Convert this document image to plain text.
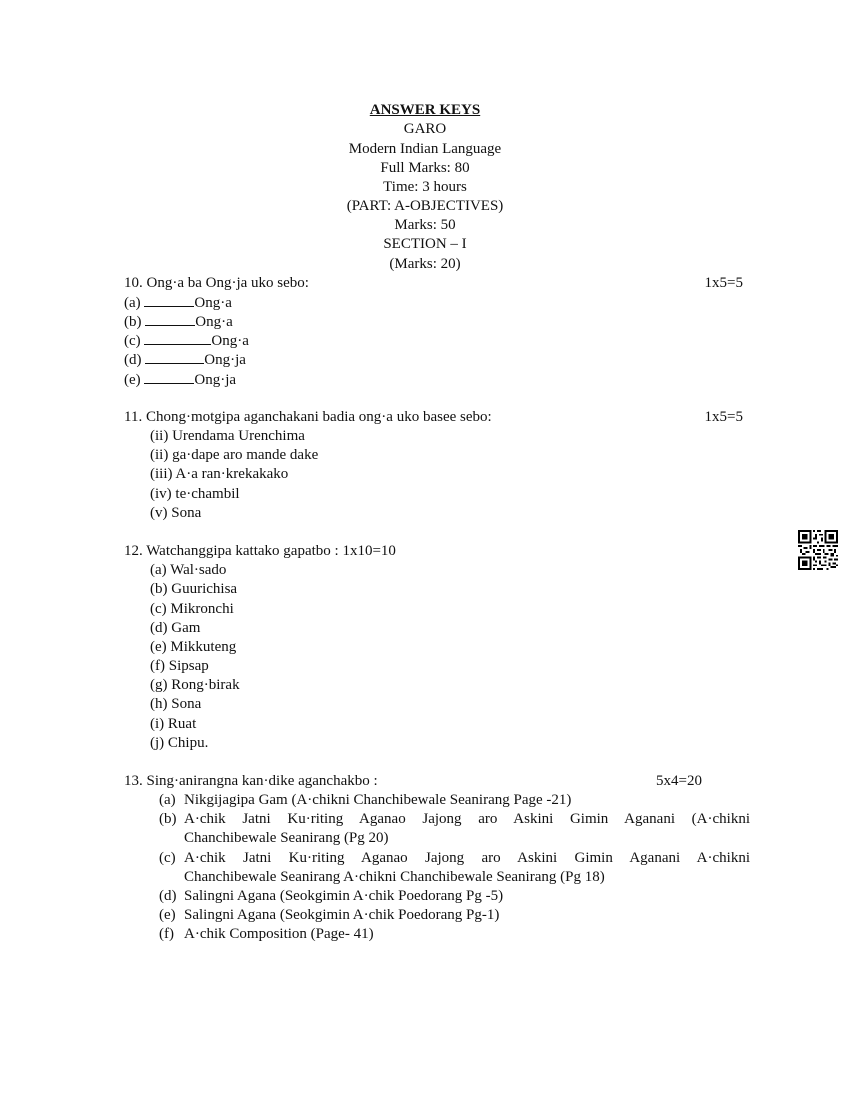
ANSWER KEYS
GARO
Modern Indian Language
Full Marks: 80
Time: 3 hours
(PART: A-OBJECTIVES)
Marks: 50
SECTION – I
(Marks: 20)
10. Ong·a ba Ong·ja uko sebo:	1x5=5
(a)	Ong·a
(b)	Ong·a
(c)	Ong·a
(d)	Ong·ja
(e)	Ong·ja
11. Chong·motgipa aganchakani badia ong·a uko basee sebo:	1x5=5
(ii) Urendama Urenchima
(ii) ga·dape aro mande dake
(iii) A·a ran·krekakako
(iv) te·chambil
(v) Sona
12. Watchanggipa kattako gapatbo : 1x10=10
(a) Wal·sado
(b) Guurichisa
(c) Mikronchi
(d) Gam
(e) Mikkuteng
(f) Sipsap
(g) Rong·birak
(h) Sona
(i) Ruat
(j) Chipu.
13. Sing·anirangna kan·dike aganchakbo :	5x4=20
(a) Nikgijagipa Gam (A·chikni Chanchibewale Seanirang Page -21)
(b) A·chik Jatni Ku·riting Aganao Jajong aro Askini Gimin Aganani (A·chikni
Chanchibewale Seanirang (Pg 20)
(c) A·chik Jatni Ku·riting Aganao Jajong aro Askini Gimin Aganani A·chikni
Chanchibewale Seanirang A·chikni Chanchibewale Seanirang (Pg 18)
(d) Salingni Agana (Seokgimin A·chik Poedorang Pg -5)
(e) Salingni Agana (Seokgimin A·chik Poedorang Pg-1)
(f) A·chik Composition (Page- 41)
